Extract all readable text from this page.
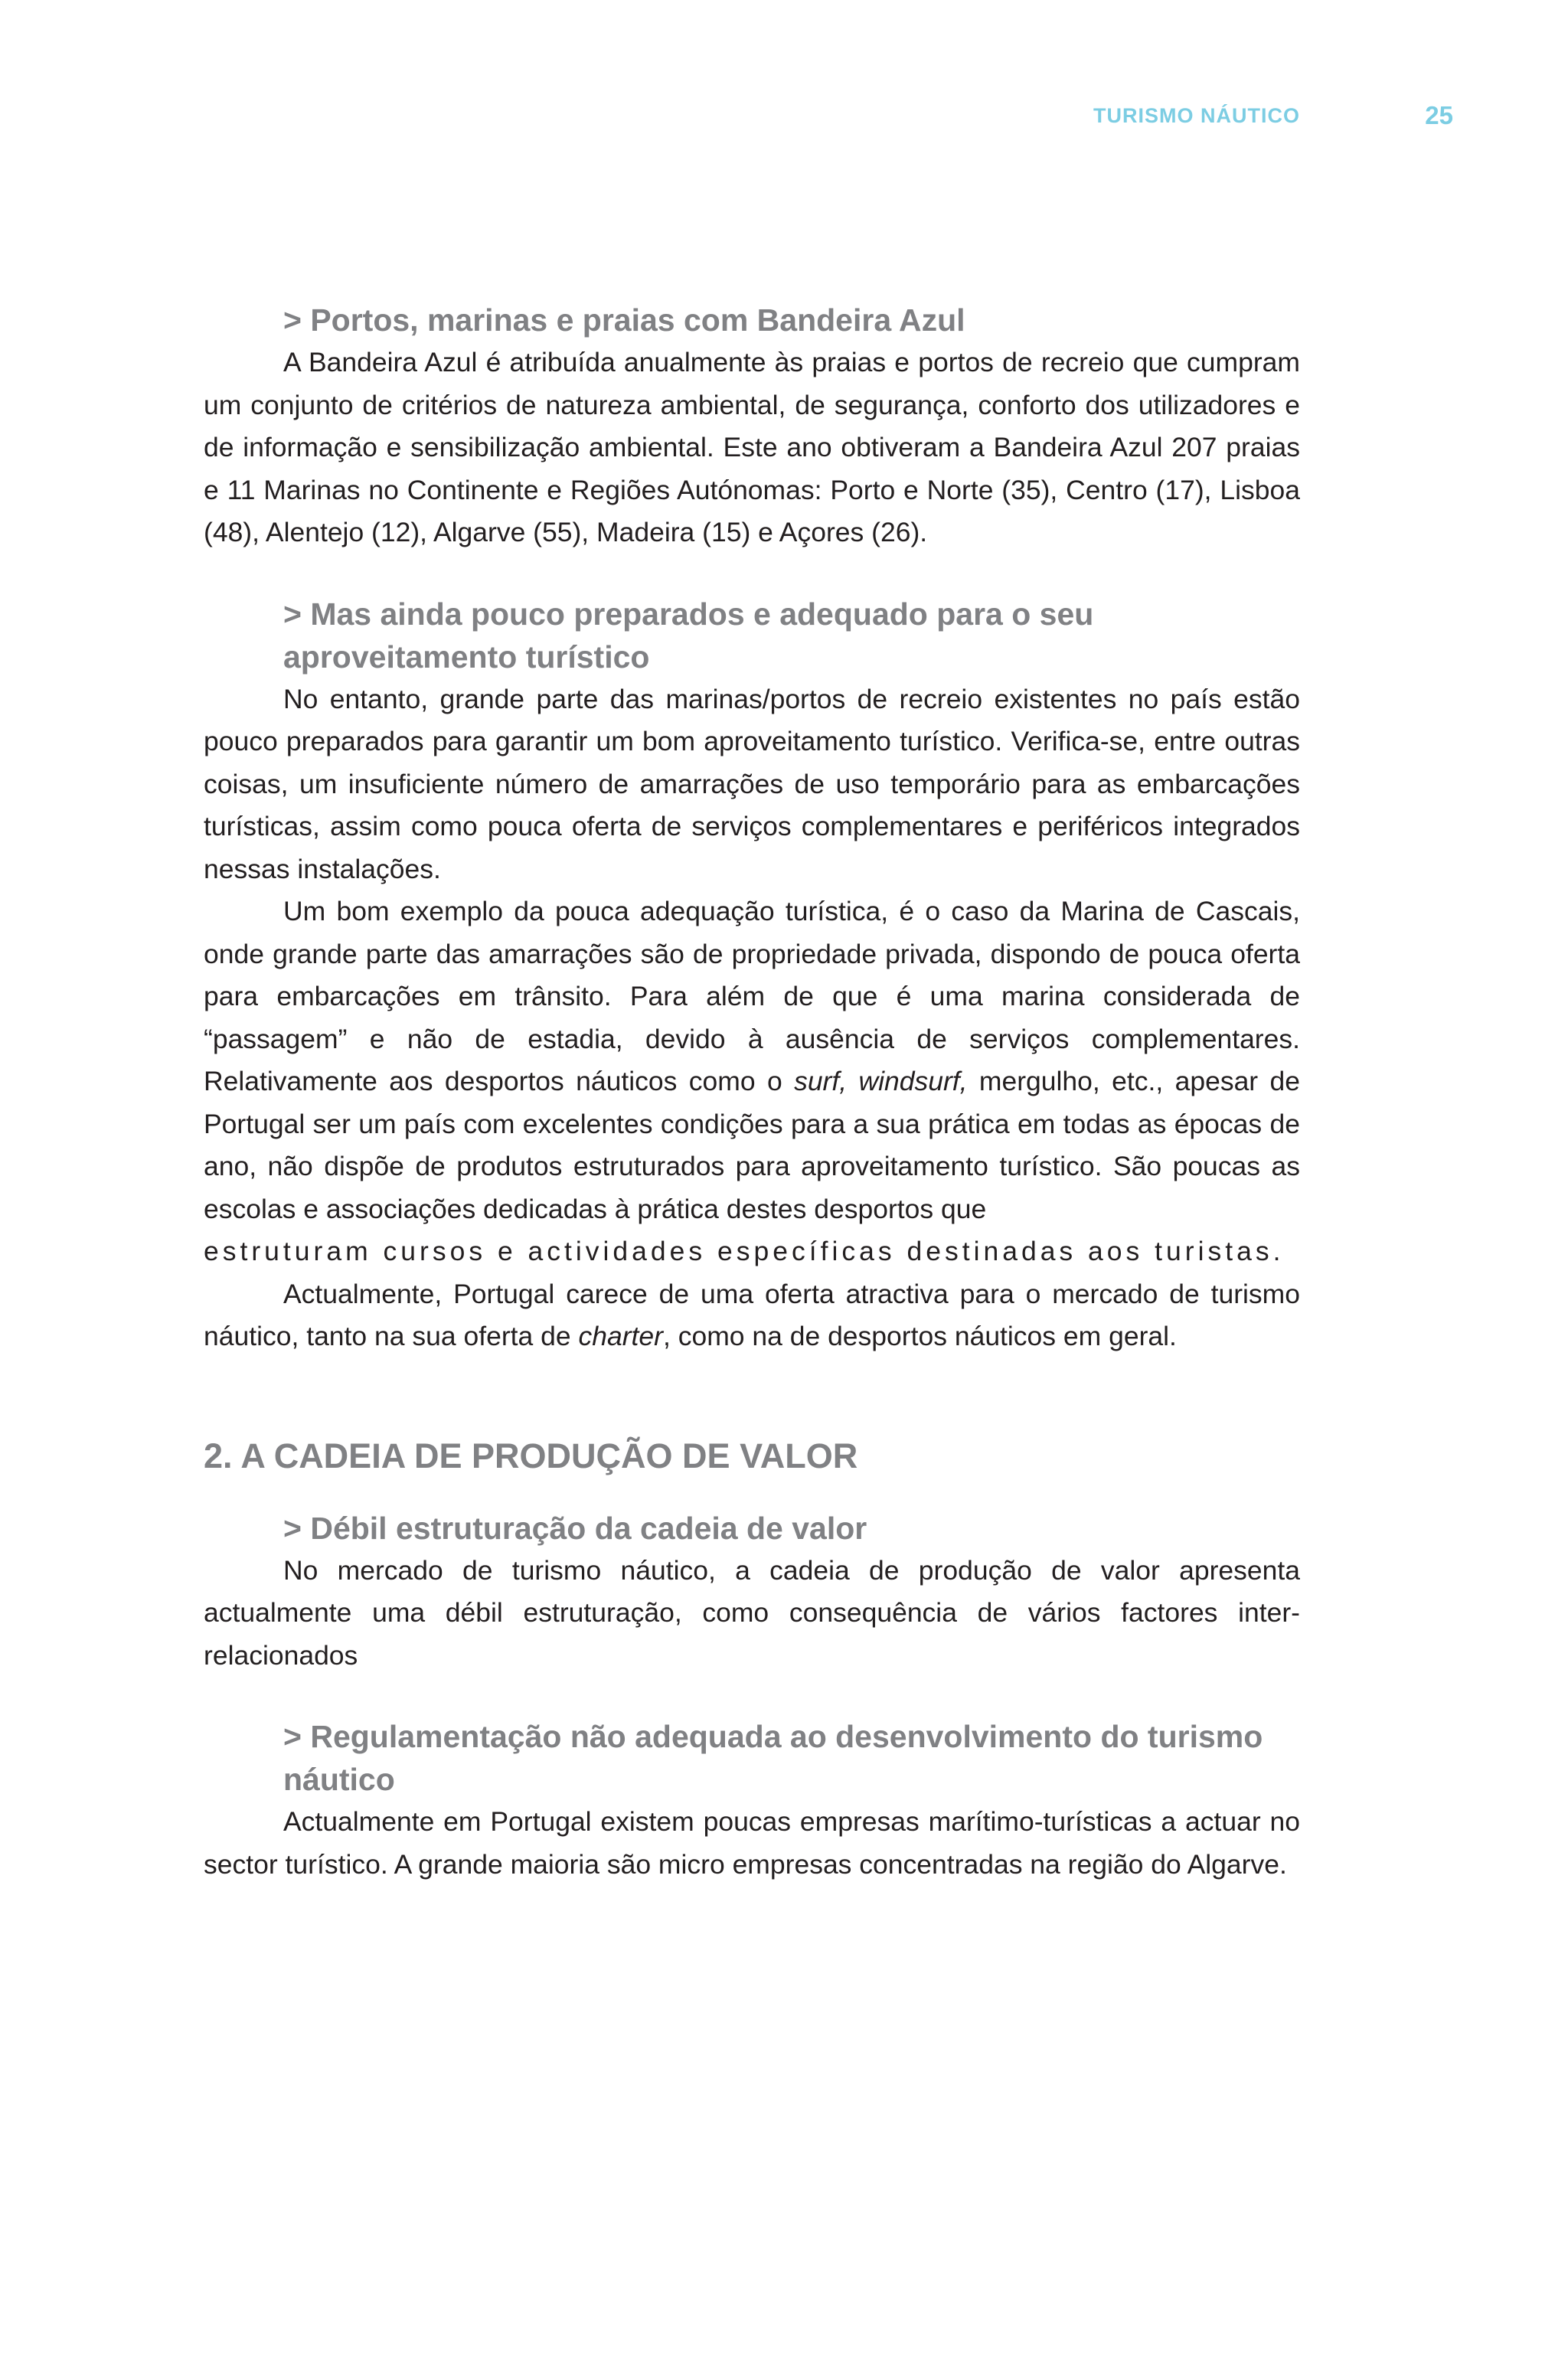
TURISMO NÁUTICO	25
> Portos, marinas e praias com Bandeira Azul

A Bandeira Azul é atribuída anualmente às praias e portos de recreio que cumpram um conjunto de critérios de natureza ambiental, de segurança, conforto dos utilizadores e de informação e sensibilização ambiental. Este ano obtiveram a Bandeira Azul 207 praias e 11 Marinas no Continente e Regiões Autónomas: Porto e Norte (35), Centro (17), Lisboa (48), Alentejo (12), Algarve (55), Madeira (15) e Açores (26).

> Mas ainda pouco preparados e adequado para o seu aproveitamento turístico

No entanto, grande parte das marinas/portos de recreio existentes no país estão pouco preparados para garantir um bom aproveitamento turístico. Verifica-se, entre outras coisas, um insuficiente número de amarrações de uso temporário para as embarcações turísticas, assim como pouca oferta de serviços complementares e periféricos integrados nessas instalações.

Um bom exemplo da pouca adequação turística, é o caso da Marina de Cascais, onde grande parte das amarrações são de propriedade privada, dispondo de pouca oferta para embarcações em trânsito. Para além de que é uma marina considerada de “passagem” e não de estadia, devido à ausência de serviços complementares. Relativamente aos desportos náuticos como o surf, windsurf, mergulho, etc., apesar de Portugal ser um país com excelentes condições para a sua prática em todas as épocas de ano, não dispõe de produtos estruturados para aproveitamento turístico. São poucas as escolas e associações dedicadas à prática destes desportos que

estruturam cursos e actividades específicas destinadas aos turistas.

Actualmente, Portugal carece de uma oferta atractiva para o mercado de turismo náutico, tanto na sua oferta de charter, como na de desportos náuticos em geral.

2. A CADEIA DE PRODUÇÃO DE VALOR
> Débil estruturação da cadeia de valor

No mercado de turismo náutico, a cadeia de produção de valor apresenta actualmente uma débil estruturação, como consequência de vários factores inter-relacionados

> Regulamentação não adequada ao desenvolvimento do turismo náutico

Actualmente em Portugal existem poucas empresas marítimo-turísticas a actuar no sector turístico. A grande maioria são micro empresas concentradas na região do Algarve.
